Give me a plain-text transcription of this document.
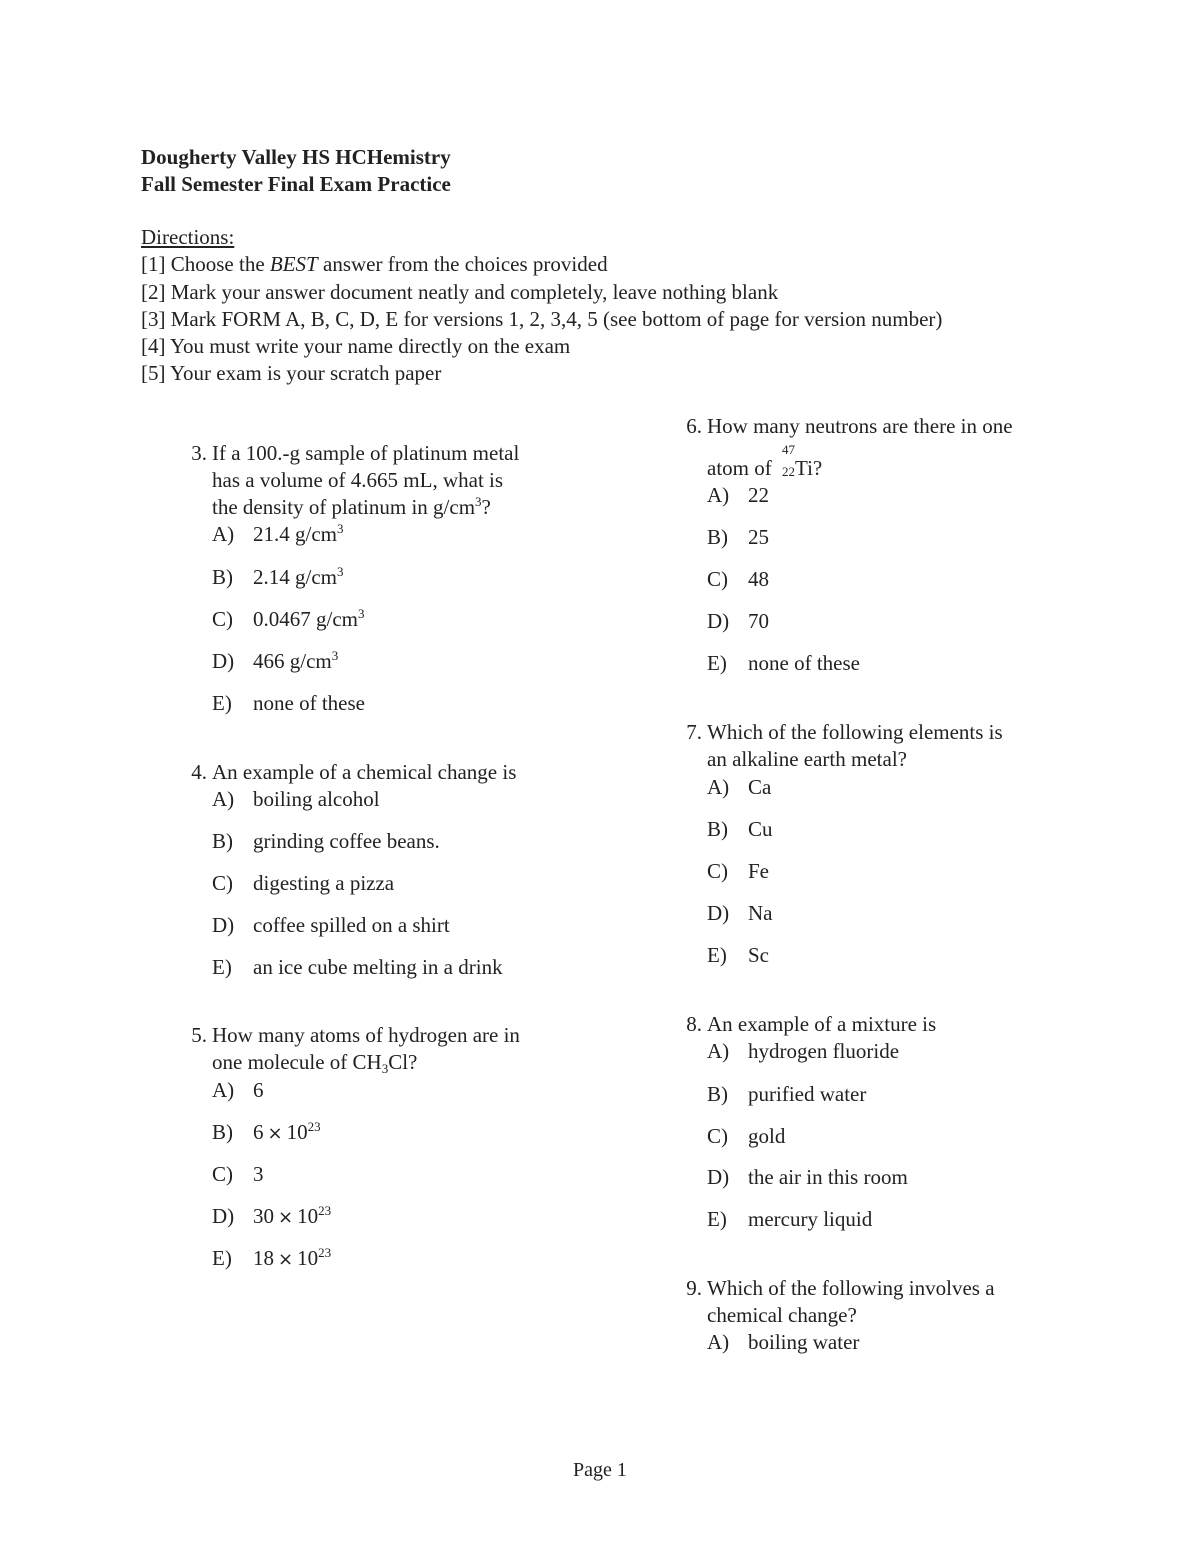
Dougherty Valley HS HCHemistry
Fall Semester Final Exam Practice
Directions:
[1] Choose the BEST answer from the choices provided
[2] Mark your answer document neatly and completely, leave nothing blank
[3] Mark FORM A, B, C, D, E for versions 1, 2, 3,4, 5 (see bottom of page for version number)
[4] You must write your name directly on the exam
[5] Your exam is your scratch paper
3. If a 100.-g sample of platinum metal
has a volume of 4.665 mL, what is
the density of platinum in $g/cm^3$?
A) 21.4 $g/cm^3$
B) 2.14 $g/cm^3$
C) 0.0467 $g/cm^3$
D) 466 $g/cm^3$
E) none of these
4. An example of a chemical change is
A) boiling alcohol
B) grinding coffee beans.
C) digesting a pizza
D) coffee spilled on a shirt
E) an ice cube melting in a drink
5. How many atoms of hydrogen are in
one molecule of $CH_3Cl$?
A) 6
B) $6 \times 10^{23}$
C) 3
D) $30 \times 10^{23}$
E) $18 \times 10^{23}$
6. How many neutrons are there in one
atom of
47
22 Ti?
A) 22
B) 25
C) 48
D) 70
E) none of these
7. Which of the following elements is
an alkaline earth metal?
A) Ca
B) Cu
C) Fe
D) Na
E) Sc
8. An example of a mixture is
A) hydrogen fluoride
B) purified water
C) gold
D) the air in this room
E) mercury liquid
9. Which of the following involves a
chemical change?
A) boiling water
Page 1
